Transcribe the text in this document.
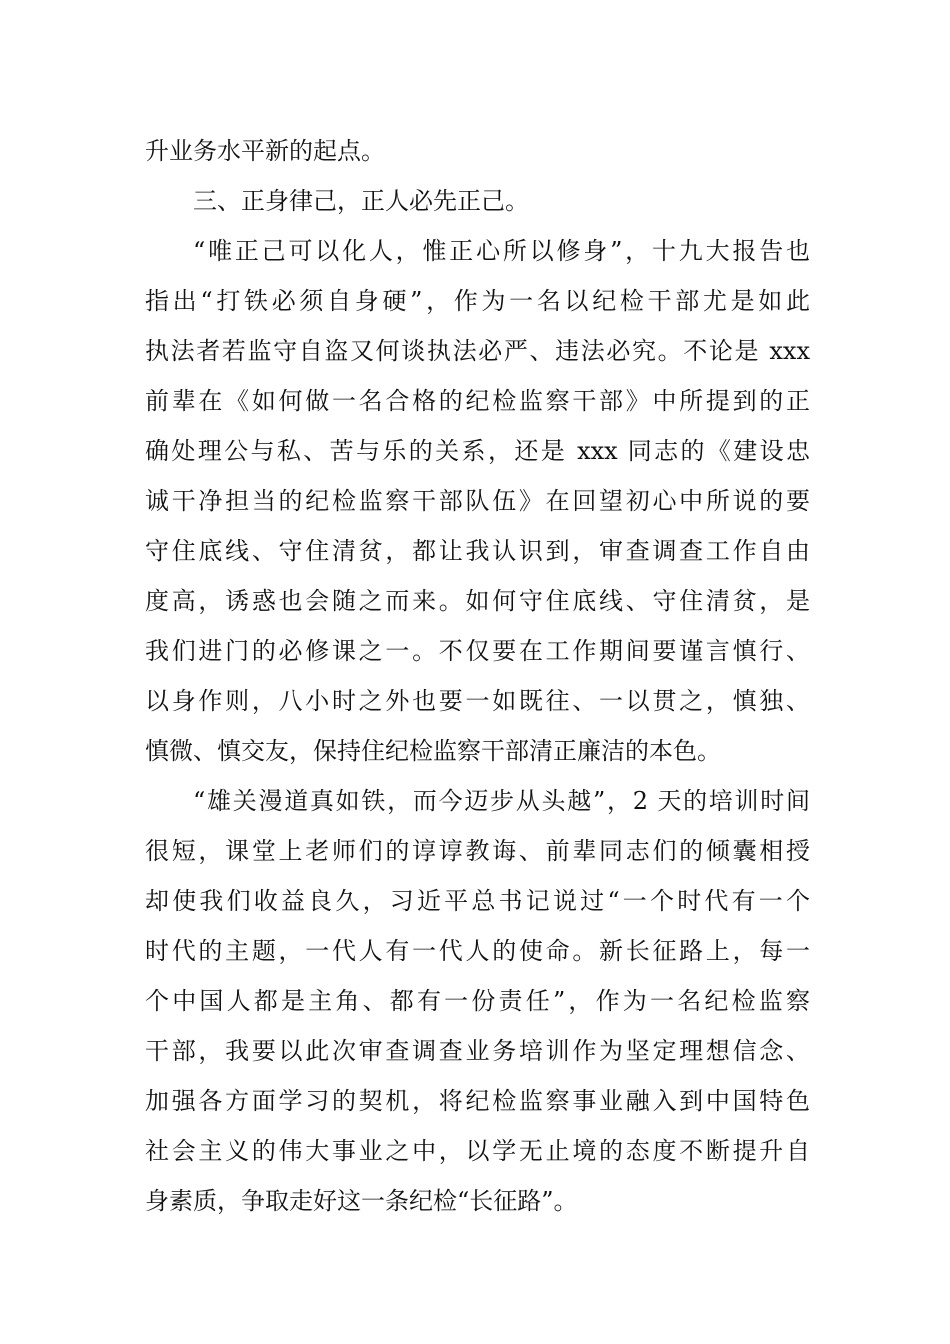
升业务水平新的起点。
三、正身律己，正人必先正己。
“唯正己可以化人，惟正心所以修身”，十九大报告也
指出“打铁必须自身硬”，作为一名以纪检干部尤是如此
执法者若监守自盗又何谈执法必严、违法必究。不论是 xxx
前辈在《如何做一名合格的纪检监察干部》中所提到的正
确处理公与私、苦与乐的关系，还是 xxx 同志的《建设忠
诚干净担当的纪检监察干部队伍》在回望初心中所说的要
守住底线、守住清贫，都让我认识到，审查调查工作自由
度高，诱惑也会随之而来。如何守住底线、守住清贫，是
我们进门的必修课之一。不仅要在工作期间要谨言慎行、
以身作则，八小时之外也要一如既往、一以贯之，慎独、
慎微、慎交友，保持住纪检监察干部清正廉洁的本色。
“雄关漫道真如铁，而今迈步从头越”，2 天的培训时间
很短，课堂上老师们的谆谆教诲、前辈同志们的倾囊相授
却使我们收益良久，习近平总书记说过“一个时代有一个
时代的主题，一代人有一代人的使命。新长征路上，每一
个中国人都是主角、都有一份责任”，作为一名纪检监察
干部，我要以此次审查调查业务培训作为坚定理想信念、
加强各方面学习的契机，将纪检监察事业融入到中国特色
社会主义的伟大事业之中，以学无止境的态度不断提升自
身素质，争取走好这一条纪检“长征路”。
